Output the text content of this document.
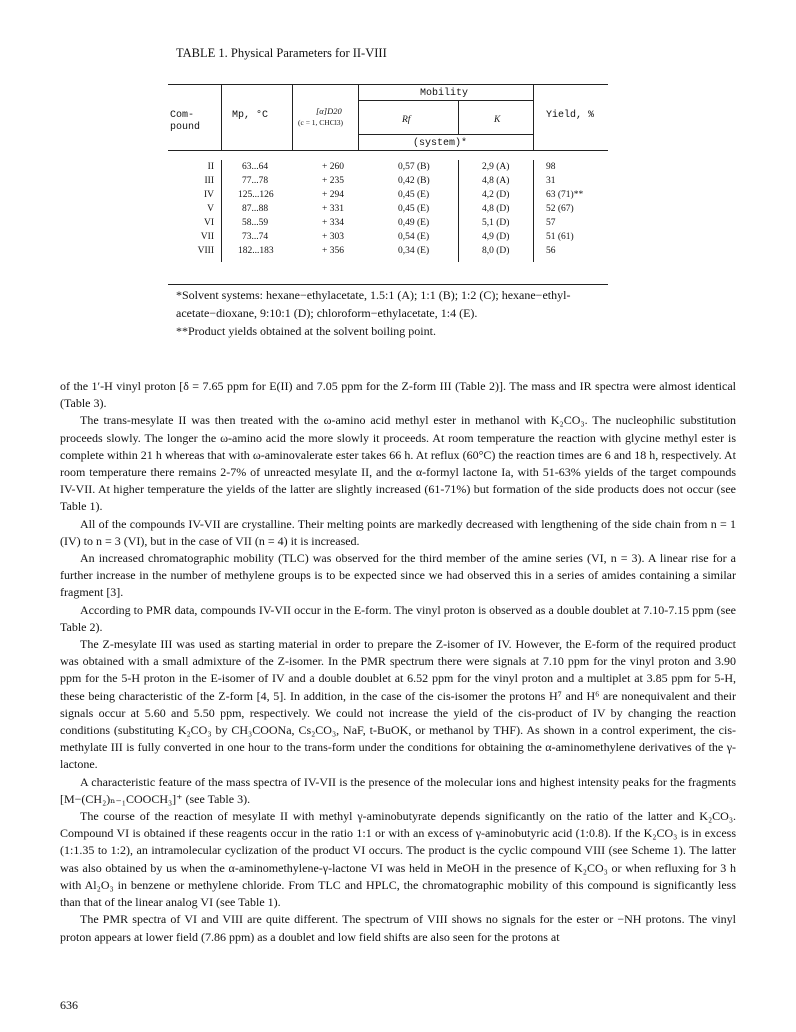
TABLE 1. Physical Parameters for II-VIII
Mobility
Com-
pound
Mp, °C	[α]D20
(c = 1, CHCl3)	Rf	K
(system)*
Yield, %
II	63...64	+ 260	0,57 (B)	2,9 (A)	98
III	77...78	+ 235	0,42 (B)	4,8 (A)	31
IV	125...126	+ 294	0,45 (E)	4,2 (D)	63 (71)**
V	87...88	+ 331	0,45 (E)	4,8 (D)	52 (67)
VI	58...59	+ 334	0,49 (E)	5,1 (D)	57
VII	73...74	+ 303	0,54 (E)	4,9 (D)	51 (61)
VIII	182...183	+ 356	0,34 (E)	8,0 (D)	56
*Solvent systems: hexane−ethylacetate, 1.5:1 (A); 1:1 (B); 1:2 (C); hexane−ethyl-acetate−dioxane, 9:10:1 (D); chloroform−ethylacetate, 1:4 (E).
**Product yields obtained at the solvent boiling point.

of the 1′-H vinyl proton [δ = 7.65 ppm for E(II) and 7.05 ppm for the Z-form III (Table 2)]. The mass and IR spectra were almost identical (Table 3).

The trans-mesylate II was then treated with the ω-amino acid methyl ester in methanol with K₂CO₃. The nucleophilic substitution proceeds slowly. The longer the ω-amino acid the more slowly it proceeds. At room temperature the reaction with glycine methyl ester is complete within 21 h whereas that with ω-aminovalerate ester takes 66 h. At reflux (60°C) the reaction times are 6 and 18 h, respectively. At room temperature there remains 2-7% of unreacted mesylate II, and the α-formyl lactone Ia, with 51-63% yields of the target compounds IV-VII. At higher temperature the yields of the latter are slightly increased (61-71%) but formation of the side products does not occur (see Table 1).

All of the compounds IV-VII are crystalline. Their melting points are markedly decreased with lengthening of the side chain from n = 1 (IV) to n = 3 (VI), but in the case of VII (n = 4) it is increased.

An increased chromatographic mobility (TLC) was observed for the third member of the amine series (VI, n = 3). A linear rise for a further increase in the number of methylene groups is to be expected since we had observed this in a series of amides containing a similar fragment [3].

According to PMR data, compounds IV-VII occur in the E-form. The vinyl proton is observed as a double doublet at 7.10-7.15 ppm (see Table 2).

The Z-mesylate III was used as starting material in order to prepare the Z-isomer of IV. However, the E-form of the required product was obtained with a small admixture of the Z-isomer. In the PMR spectrum there were signals at 7.10 ppm for the vinyl proton and 3.90 ppm for the 5-H proton in the E-isomer of IV and a double doublet at 6.52 ppm for the vinyl proton and a multiplet at 3.85 ppm for 5-H, these being characteristic of the Z-form [4, 5]. In addition, in the case of the cis-isomer the protons H⁷ and H⁶ are nonequivalent and their signals occur at 5.60 and 5.50 ppm, respectively. We could not increase the yield of the cis-product of IV by changing the reaction conditions (substituting K₂CO₃ by CH₃COONa, Cs₂CO₃, NaF, t-BuOK, or methanol by THF). As shown in a control experiment, the cis-methylate III is fully converted in one hour to the trans-form under the conditions for obtaining the α-aminomethylene derivatives of the γ-lactone.

A characteristic feature of the mass spectra of IV-VII is the presence of the molecular ions and highest intensity peaks for the fragments [M−(CH₂)ₙ₋₁COOCH₃]⁺ (see Table 3).

The course of the reaction of mesylate II with methyl γ-aminobutyrate depends significantly on the ratio of the latter and K₂CO₃. Compound VI is obtained if these reagents occur in the ratio 1:1 or with an excess of γ-aminobutyric acid (1:0.8). If the K₂CO₃ is in excess (1:1.35 to 1:2), an intramolecular cyclization of the product VI occurs. The product is the cyclic compound VIII (see Scheme 1). The latter was also obtained by us when the α-aminomethylene-γ-lactone VI was held in MeOH in the presence of K₂CO₃ or when refluxing for 3 h with Al₂O₃ in benzene or methylene chloride. From TLC and HPLC, the chromatographic mobility of this compound is significantly less than that of the linear analog VI (see Table 1).

The PMR spectra of VI and VIII are quite different. The spectrum of VIII shows no signals for the ester or −NH protons. The vinyl proton appears at lower field (7.86 ppm) as a doublet and low field shifts are also seen for the protons at

636
